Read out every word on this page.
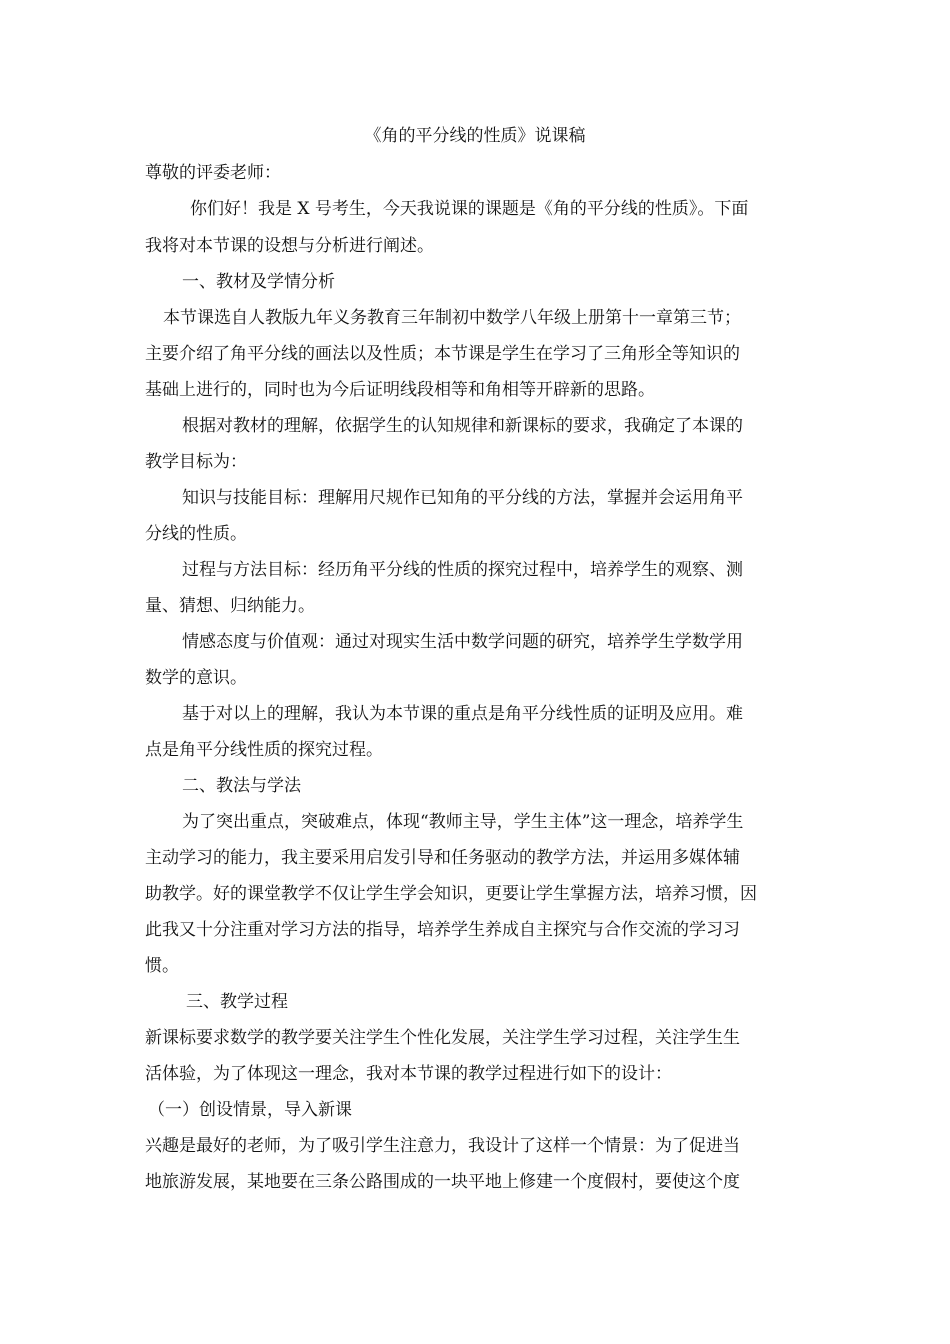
《角的平分线的性质》说课稿
尊敬的评委老师：
你们好！我是 X 号考生，今天我说课的课题是《角的平分线的性质》。下面
我将对本节课的设想与分析进行阐述。
一、教材及学情分析
本节课选自人教版九年义务教育三年制初中数学八年级上册第十一章第三节；
主要介绍了角平分线的画法以及性质；本节课是学生在学习了三角形全等知识的
基础上进行的，同时也为今后证明线段相等和角相等开辟新的思路。
根据对教材的理解，依据学生的认知规律和新课标的要求，我确定了本课的
教学目标为：
知识与技能目标：理解用尺规作已知角的平分线的方法，掌握并会运用角平
分线的性质。
过程与方法目标：经历角平分线的性质的探究过程中，培养学生的观察、测
量、猜想、归纳能力。
情感态度与价值观：通过对现实生活中数学问题的研究，培养学生学数学用
数学的意识。
基于对以上的理解，我认为本节课的重点是角平分线性质的证明及应用。难
点是角平分线性质的探究过程。
二、教法与学法
为了突出重点，突破难点，体现“教师主导，学生主体”这一理念，培养学生
主动学习的能力，我主要采用启发引导和任务驱动的教学方法，并运用多媒体辅
助教学。好的课堂教学不仅让学生学会知识，更要让学生掌握方法，培养习惯，因
此我又十分注重对学习方法的指导，培养学生养成自主探究与合作交流的学习习
惯。
三、教学过程
新课标要求数学的教学要关注学生个性化发展，关注学生学习过程，关注学生生
活体验，为了体现这一理念，我对本节课的教学过程进行如下的设计：
（一）创设情景，导入新课
兴趣是最好的老师，为了吸引学生注意力，我设计了这样一个情景：为了促进当
地旅游发展，某地要在三条公路围成的一块平地上修建一个度假村，要使这个度
